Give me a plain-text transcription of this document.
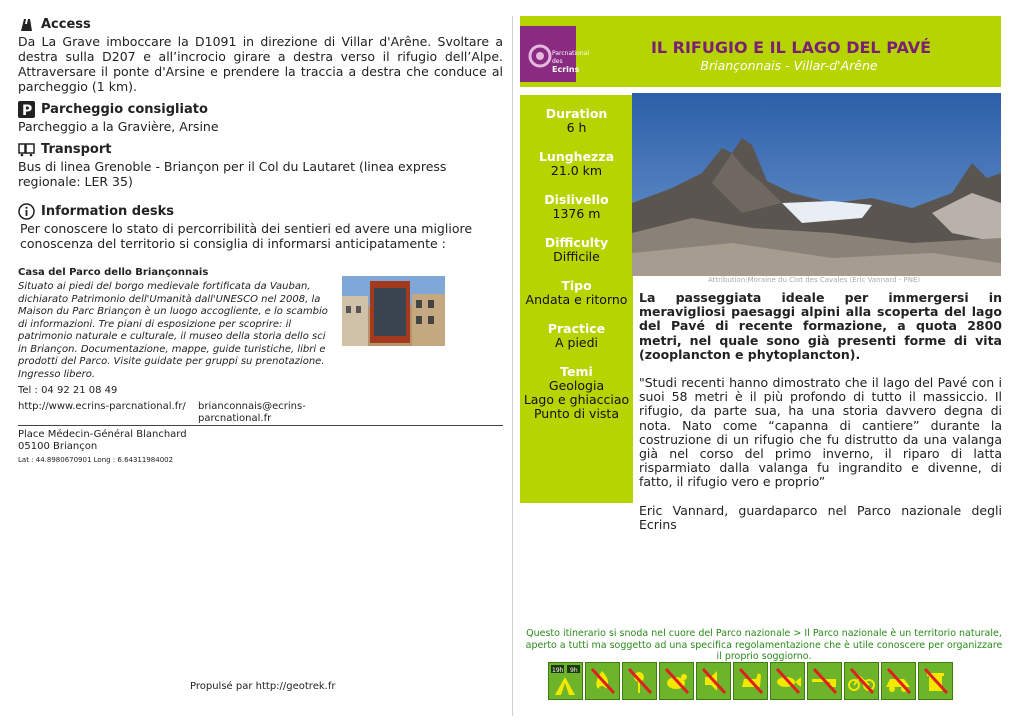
Access
Da La Grave imboccare la D1091 in direzione di Villar d'Arêne. Svoltare a destra sulla D207 e all’incrocio girare a destra verso il rifugio dell’Alpe. Attraversare il ponte d'Arsine e prendere la traccia a destra che conduce al parcheggio (1 km).
P Parcheggio consigliato
Parcheggio a la Gravière, Arsine
Transport
Bus di linea Grenoble - Briançon per il Col du Lautaret (linea express regionale: LER 35)
Information desks
Per conoscere lo stato di percorribilità dei sentieri ed avere una migliore conoscenza del territorio si consiglia di informarsi anticipatamente :
Casa del Parco dello Briançonnais
Situato ai piedi del borgo medievale fortificata da Vauban, dichiarato Patrimonio dell'Umanità dall'UNESCO nel 2008, la Maison du Parc Briançon è un luogo accogliente, e lo scambio di informazioni. Tre piani di esposizione per scoprire: il patrimonio naturale e culturale, il museo della storia dello sci in Briançon. Documentazione, mappe, guide turistiche, libri e prodotti del Parco. Visite guidate per gruppi su prenotazione. Ingresso libero.
Tel : 04 92 21 08 49
http://www.ecrins-parcnational.fr/	brianconnais@ecrins-parcnational.fr
Place Médecin-Général Blanchard
05100 Briançon
Lat : 44.8980670901 Long : 6.64311984002
Propulsé par http://geotrek.fr
Parcnational
des Ecrins
IL RIFUGIO E IL LAGO DEL PAVÉ
Briançonnais - Villar-d'Arêne
Duration
6 h
Lunghezza
21.0 km
Dislivello
1376 m
Difficulty
Difficile
Tipo
Andata e ritorno
Practice
A piedi
Temi
Geologia
Lago e ghiacciao
Punto di vista
Attribution:Moraine du Clot des Cavales (Eric Vannard - PNE)

La passeggiata ideale per immergersi in meravigliosi paesaggi alpini alla scoperta del lago del Pavé di recente formazione, a quota 2800 metri, nel quale sono già presenti forme di vita (zooplancton e phytoplancton).

"Studi recenti hanno dimostrato che il lago del Pavé con i suoi 58 metri è il più profondo di tutto il massiccio. Il rifugio, da parte sua, ha una storia davvero degna di nota. Nato come “capanna di cantiere” durante la costruzione di un rifugio che fu distrutto da una valanga già nel corso del primo inverno, il riparo di latta risparmiato dalla valanga fu ingrandito e divenne, di fatto, il rifugio vero e proprio”

Eric Vannard, guardaparco nel Parco nazionale degli Ecrins

Questo itinerario si snoda nel cuore del Parco nazionale > Il Parco nazionale è un territorio naturale, aperto a tutti ma soggetto ad una specifica regolamentazione che è utile conoscere per organizzare il proprio soggiorno.
19h 9h
